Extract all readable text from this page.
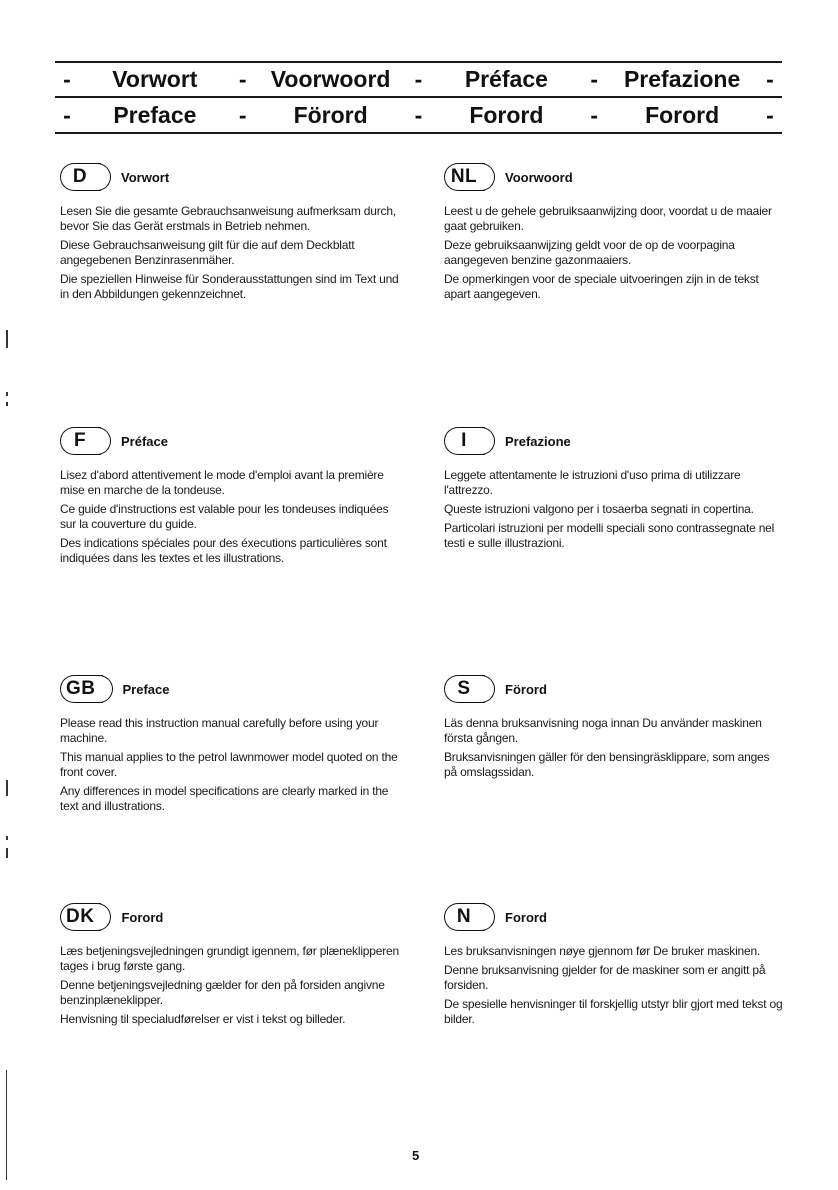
-	Vorwort	-	Voorwoord	-	Préface	-	Prefazione	-
-	Preface	-	Förord	-	Forord	-	Forord	-
D	Vorwort

Lesen Sie die gesamte Gebrauchsanweisung aufmerksam durch, bevor Sie das Gerät erstmals in Betrieb nehmen.

Diese Gebrauchsanweisung gilt für die auf dem Deckblatt angegebenen Benzinrasenmäher.

Die speziellen Hinweise für Sonderausstattungen sind im Text und in den Abbildungen gekennzeichnet.

NL	Voorwoord

Leest u de gehele gebruiksaanwijzing door, voordat u de maaier gaat gebruiken.

Deze gebruiksaanwijzing geldt voor de op de voorpagina aangegeven benzine gazonmaaiers.

De opmerkingen voor de speciale uitvoeringen zijn in de tekst apart aangegeven.

F	Préface

Lisez d'abord attentivement le mode d'emploi avant la première mise en marche de la tondeuse.

Ce guide d'instructions est valable pour les tondeuses indiquées sur la couverture du guide.

Des indications spéciales pour des éxecutions particulières sont indiquées dans les textes et les illustrations.

I	Prefazione

Leggete attentamente le istruzioni d'uso prima di utilizzare l'attrezzo.

Queste istruzioni valgono per i tosaerba segnati in copertina.

Particolari istruzioni per modelli speciali sono contrassegnate nel testi e sulle illustrazioni.

GB	Preface

Please read this instruction manual carefully before using your machine.

This manual applies to the petrol lawnmower model quoted on the front cover.

Any differences in model specifications are clearly marked in the text and illustrations.

S	Förord

Läs denna bruksanvisning noga innan Du använder maskinen första gången.

Bruksanvisningen gäller för den bensingräsklippare, som anges på omslagssidan.

DK	Forord

Læs betjeningsvejledningen grundigt igennem, før plæneklipperen tages i brug første gang.

Denne betjeningsvejledning gælder for den på forsiden angivne benzinplæneklipper.

Henvisning til specialudførelser er vist i tekst og billeder.

N	Forord

Les bruksanvisningen nøye gjennom før De bruker maskinen.

Denne bruksanvisning gjelder for de maskiner som er angitt på forsiden.

De spesielle henvisninger til forskjellig utstyr blir gjort med tekst og bilder.

5
